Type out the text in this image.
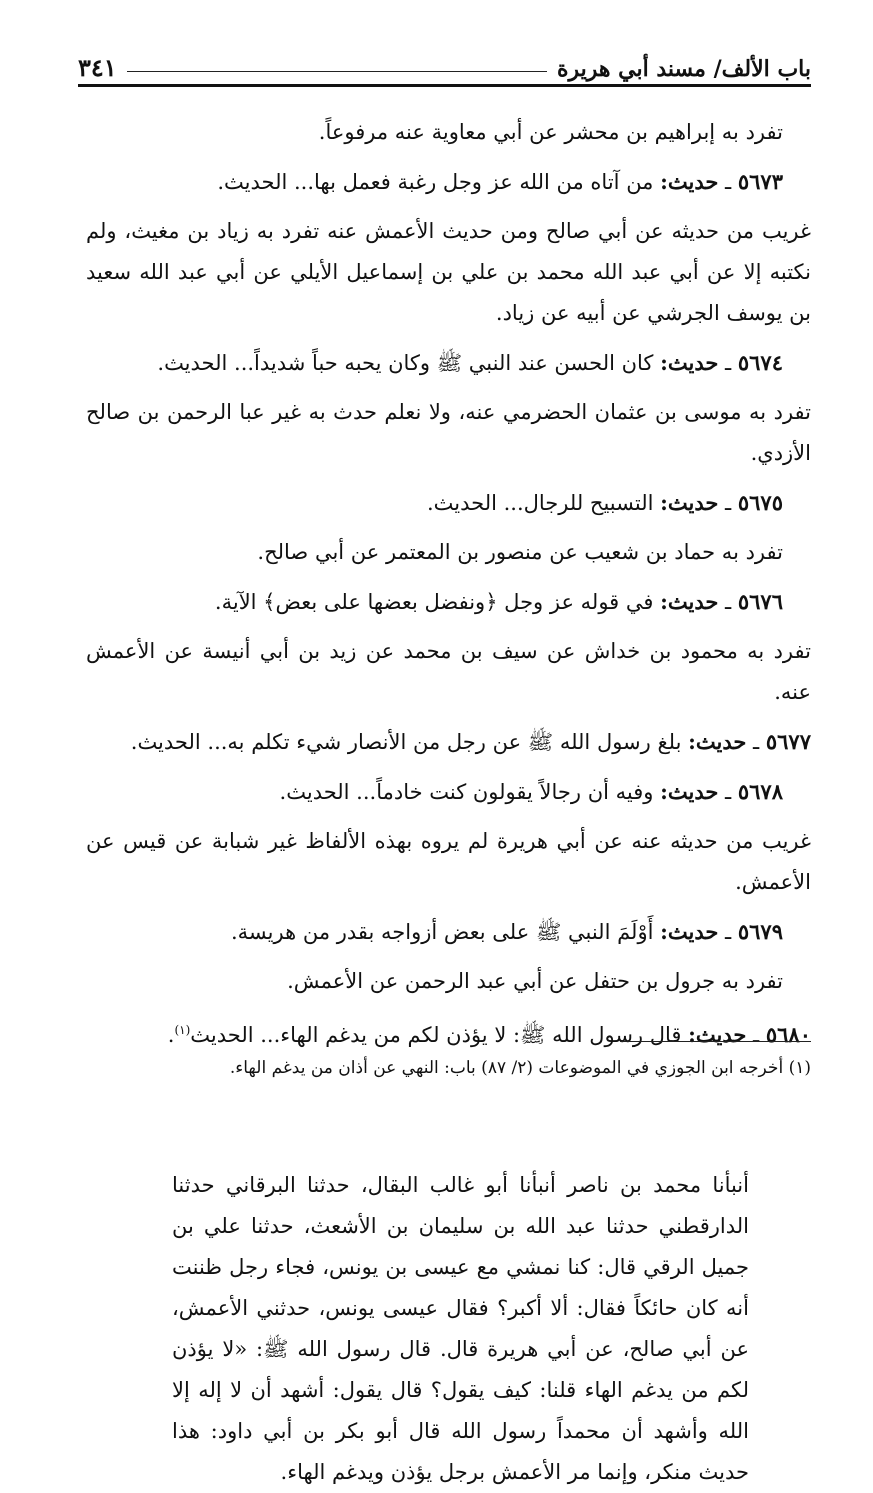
٣٤١	باب الألف/ مسند أبي هريرة

تفرد به إبراهيم بن محشر عن أبي معاوية عنه مرفوعاً.

٥٦٧٣ ـ حديث: من آتاه من الله عز وجل رغبة فعمل بها... الحديث.

غريب من حديثه عن أبي صالح ومن حديث الأعمش عنه تفرد به زياد بن مغيث، ولم نكتبه إلا عن أبي عبد الله محمد بن علي بن إسماعيل الأيلي عن أبي عبد الله سعيد بن يوسف الجرشي عن أبيه عن زياد.

٥٦٧٤ ـ حديث: كان الحسن عند النبي ﷺ وكان يحبه حباً شديداً... الحديث.

تفرد به موسى بن عثمان الحضرمي عنه، ولا نعلم حدث به غير عبا الرحمن بن صالح الأزدي.

٥٦٧٥ ـ حديث: التسبيح للرجال... الحديث.

تفرد به حماد بن شعيب عن منصور بن المعتمر عن أبي صالح.

٥٦٧٦ ـ حديث: في قوله عز وجل ﴿ونفضل بعضها على بعض﴾ الآية.

تفرد به محمود بن خداش عن سيف بن محمد عن زيد بن أبي أنيسة عن الأعمش عنه.

٥٦٧٧ ـ حديث: بلغ رسول الله ﷺ عن رجل من الأنصار شيء تكلم به... الحديث.

٥٦٧٨ ـ حديث: وفيه أن رجالاً يقولون كنت خادماً... الحديث.

غريب من حديثه عنه عن أبي هريرة لم يروه بهذه الألفاظ غير شبابة عن قيس عن الأعمش.

٥٦٧٩ ـ حديث: أَوْلَمَ النبي ﷺ على بعض أزواجه بقدر من هريسة.

تفرد به جرول بن حتفل عن أبي عبد الرحمن عن الأعمش.

٥٦٨٠ ـ حديث: قال رسول الله ﷺ: لا يؤذن لكم من يدغم الهاء... الحديث$^{(١)}$.

(١) أخرجه ابن الجوزي في الموضوعات (٢/ ٨٧) باب: النهي عن أذان من يدغم الهاء.

أنبأنا محمد بن ناصر أنبأنا أبو غالب البقال، حدثنا البرقاني حدثنا الدارقطني حدثنا عبد الله بن سليمان بن الأشعث، حدثنا علي بن جميل الرقي قال: كنا نمشي مع عيسى بن يونس، فجاء رجل ظننت أنه كان حائكاً فقال: ألا أكبر؟ فقال عيسى يونس، حدثني الأعمش، عن أبي صالح، عن أبي هريرة قال. قال رسول الله ﷺ: «لا يؤذن لكم من يدغم الهاء قلنا: كيف يقول؟ قال يقول: أشهد أن لا إله إلا الله وأشهد أن محمداً رسول الله قال أبو بكر بن أبي داود: هذا حديث منكر، وإنما مر الأعمش برجل يؤذن ويدغم الهاء.
